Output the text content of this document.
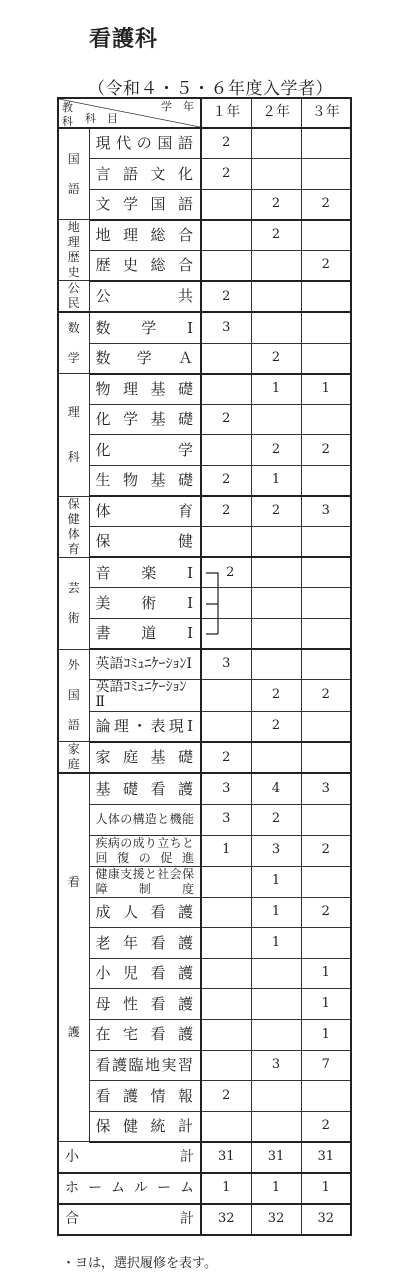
看護科
（令和４・５・６年度入学者）
教
科
学　年
科　目		１年	２年	３年
国

語	現代の国語	2		
	言語文化	2		
	文学国語		2	2
地
理
歴
史	地理総合		2	
	歴史総合			2
公
民	公　共	2		
数

学	数　学　Ⅰ	3		
	数　学　Ａ		2	
理

科	物理基礎		1	1
	化学基礎	2		
	化　学		2	2
	生物基礎	2	1	
保
健
体
育	体　育	2	2	3
	保　健			
芸

術	音　楽　Ⅰ	2

	美　術　Ⅰ			
	書　道　Ⅰ			
外

国

語	英語ｺﾐｭﾆｹｰｼｮﾝⅠ	3		
	英語ｺﾐｭﾆｹｰｼｮﾝⅡ		2	2
	論理・表現Ⅰ		2	
家
庭	家庭基礎	2		
看

護	基礎看護	3	4	3
	人体の構造と機能	3	2	
	疾病の成り立ちと回復の促進	1	3	2
	健康支援と社会保障制度		1	
	成人看護		1	2
	老年看護		1	
	小児看護			1
	母性看護			1
	在宅看護			1
	看護臨地実習		3	7
	看護情報	2		
	保健統計			2

小 計		31	31	31
ホームルーム		1	1	1

合 計		32	32	32
・ヨは，選択履修を表す。
